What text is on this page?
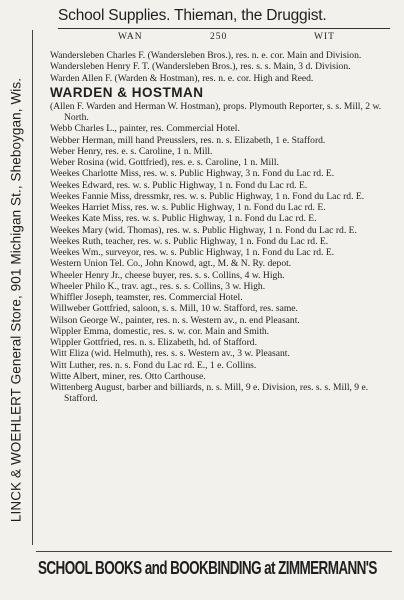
School Supplies. Thieman, the Druggist.
WAN	250	WIT
LINCK & WOEHLERT General Store, 901 Michigan St., Sheboygan, Wis.
Wandersleben Charles F. (Wandersleben Bros.), res. n. e. cor. Main and Division.
Wandersleben Henry F. T. (Wandersleben Bros.), res. s. s. Main, 3 d. Division.
Warden Allen F. (Warden & Hostman), res. n. e. cor. High and Reed.
WARDEN & HOSTMAN
(Allen F. Warden and Herman W. Hostman), props. Plymouth Reporter, s. s. Mill, 2 w. North.
Webb Charles L., painter, res. Commercial Hotel.
Webber Herman, mill hand Preusslers, res. n. s. Elizabeth, 1 e. Stafford.
Weber Henry, res. e. s. Caroline, 1 n. Mill.
Weber Rosina (wid. Gottfried), res. e. s. Caroline, 1 n. Mill.
Weekes Charlotte Miss, res. w. s. Public Highway, 3 n. Fond du Lac rd. E.
Weekes Edward, res. w. s. Public Highway, 1 n. Fond du Lac rd. E.
Weekes Fannie Miss, dressmkr, res. w. s. Public Highway, 1 n. Fond du Lac rd. E.
Weekes Harriet Miss, res. w. s. Public Highway, 1 n. Fond du Lac rd. E.
Weekes Kate Miss, res. w. s. Public Highway, 1 n. Fond du Lac rd. E.
Weekes Mary (wid. Thomas), res. w. s. Public Highway, 1 n. Fond du Lac rd. E.
Weekes Ruth, teacher, res. w. s. Public Highway, 1 n. Fond du Lac rd. E.
Weekes Wm., surveyor, res. w. s. Public Highway, 1 n. Fond du Lac rd. E.
Western Union Tel. Co., John Knowd, agt., M. & N. Ry. depot.
Wheeler Henry Jr., cheese buyer, res. s. s. Collins, 4 w. High.
Wheeler Philo K., trav. agt., res. s. s. Collins, 3 w. High.
Whiffler Joseph, teamster, res. Commercial Hotel.
Willweber Gottfried, saloon, s. s. Mill, 10 w. Stafford, res. same.
Wilson George W., painter, res. n. s. Western av., n. end Pleasant.
Wippler Emma, domestic, res. s. w. cor. Main and Smith.
Wippler Gottfried, res. n. s. Elizabeth, hd. of Stafford.
Witt Eliza (wid. Helmuth), res. s. s. Western av., 3 w. Pleasant.
Witt Luther, res. n. s. Fond du Lac rd. E., 1 e. Collins.
Witte Albert, miner, res. Otto Carthouse.
Wittenberg August, barber and billiards, n. s. Mill, 9 e. Division, res. s. s. Mill, 9 e. Stafford.
SCHOOL BOOKS and BOOKBINDING at ZIMMERMANN'S
